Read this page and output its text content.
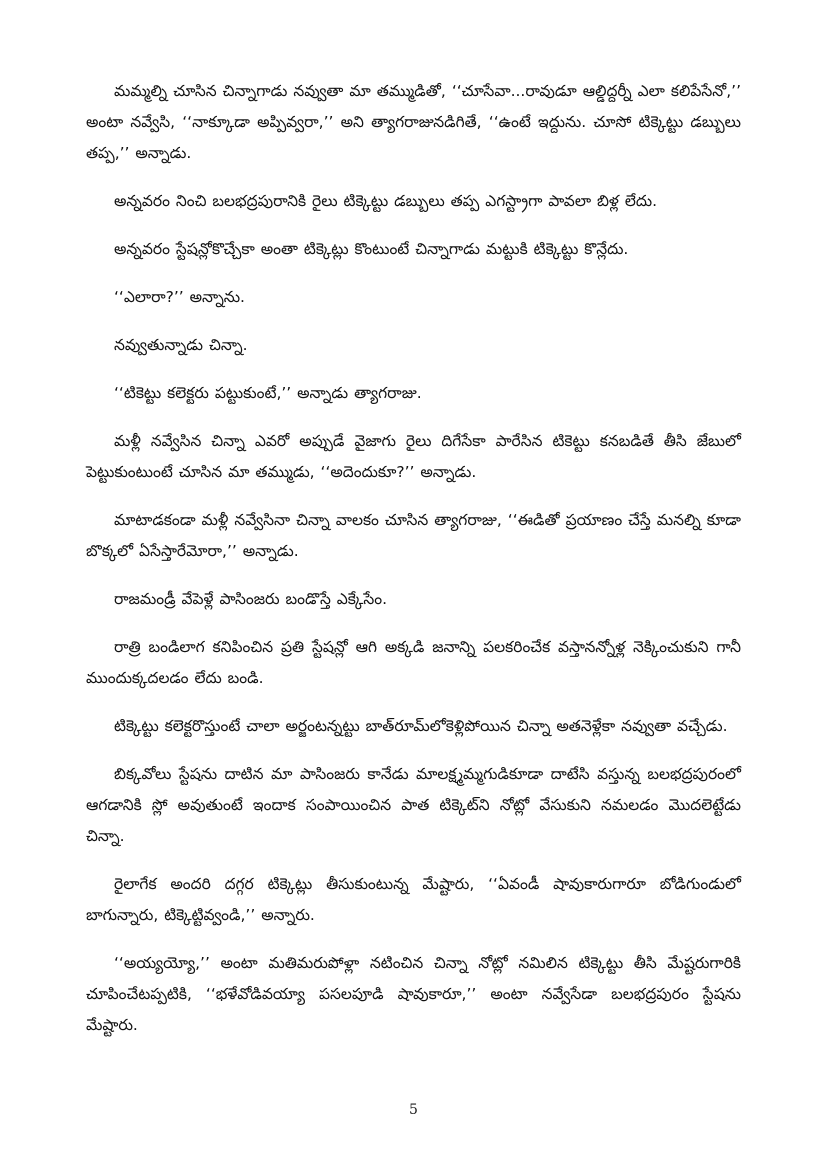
మమ్మల్ని చూసిన చిన్నాగాడు నవ్వుతా మా తమ్ముడితో, ‘‘చూసేవా...రావుడూ ఆల్డిద్దర్నీ ఎలా కలిపేసేనో,’’ అంటా నవ్వేసి, ‘‘నాక్కూడా అప్పివ్వరా,’’ అని త్యాగరాజునడిగితే, ‘‘ఉంటే ఇద్దును. చూసో టిక్కెట్టు డబ్బులు తప్ప,’’ అన్నాడు.

అన్నవరం నించి బలభద్రపురానికి రైలు టిక్కెట్టు డబ్బులు తప్ప ఎగస్ట్రాగా పావలా బిళ్ల లేదు.

అన్నవరం స్టేషన్లోకొచ్చేకా అంతా టిక్కెట్లు కొంటుంటే చిన్నాగాడు మట్టుకి టిక్కెట్టు కొన్లేదు.

‘‘ఎలారా?’’ అన్నాను.

నవ్వుతున్నాడు చిన్నా.

‘‘టికెట్టు కలెక్టరు పట్టుకుంటే,’’ అన్నాడు త్యాగరాజు.

మళ్లీ నవ్వేసిన చిన్నా ఎవరో అప్పుడే వైజాగు రైలు దిగేసేకా పారేసిన టికెట్టు కనబడితే తీసి జేబులో పెట్టుకుంటుంటే చూసిన మా తమ్ముడు, ‘‘అదెందుకూ?’’ అన్నాడు.

మాటాడకండా మళ్లీ నవ్వేసినా చిన్నా వాలకం చూసిన త్యాగరాజు, ‘‘ఈడితో ప్రయాణం చేస్తే మనల్ని కూడా బొక్కలో ఏసేస్తారేమోరా,’’ అన్నాడు.

రాజమండ్రీ వేపెళ్లే పాసింజరు బండొస్తే ఎక్కేసేం.

రాత్రి బండిలాగ కనిపించిన ప్రతి స్టేషన్లో ఆగి అక్కడి జనాన్ని పలకరించేక వస్తానన్నోళ్ల నెక్కించుకుని గానీ ముందుక్కదలడం లేదు బండి.

టిక్కెట్టు కలెక్టరొస్తుంటే చాలా అర్జంటన్నట్టు బాత్‌రూమ్‌లోకెళ్లిపోయిన చిన్నా అతనెళ్లేకా నవ్వుతా వచ్చేడు.

బిక్కవోలు స్టేషను దాటిన మా పాసింజరు కానేడు మాలక్ష్మమ్మగుడికూడా దాటేసి వస్తున్న బలభద్రపురంలో ఆగడానికి స్లో అవుతుంటే ఇందాక సంపాయించిన పాత టిక్కెట్‌ని నోట్లో వేసుకుని నమలడం మొదలెట్టేడు చిన్నా.

రైలాగేక అందరి దగ్గర టిక్కెట్లు తీసుకుంటున్న మేష్టారు, ‘‘ఏవండీ షావుకారుగారూ బోడిగుండులో బాగున్నారు, టిక్కెట్టివ్వండి,’’ అన్నారు.

‘‘అయ్యయ్యో,’’ అంటా మతిమరుపోళ్లా నటించిన చిన్నా నోట్లో నమిలిన టిక్కెట్టు తీసి మేష్టరుగారికి చూపించేటప్పటికి, ‘‘భళేవోడివయ్యా పసలపూడి షావుకారూ,’’ అంటా నవ్వేసేడా బలభద్రపురం స్టేషను మేష్టారు.

5
